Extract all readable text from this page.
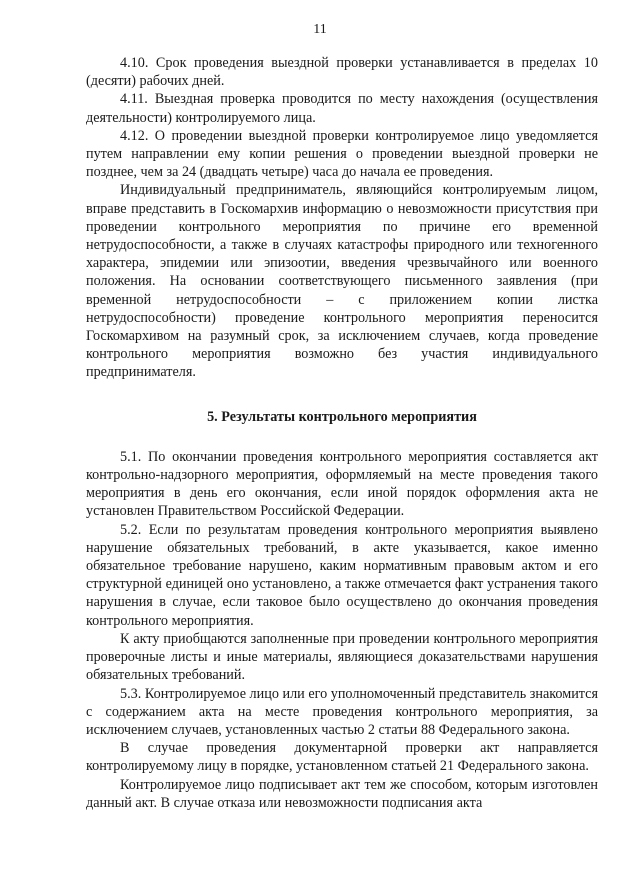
11

4.10. Срок проведения выездной проверки устанавливается в пределах 10 (десяти) рабочих дней.

4.11. Выездная проверка проводится по месту нахождения (осуществления деятельности) контролируемого лица.

4.12. О проведении выездной проверки контролируемое лицо уведомляется путем направлении ему копии решения о проведении выездной проверки не позднее, чем за 24 (двадцать четыре) часа до начала ее проведения.

Индивидуальный предприниматель, являющийся контролируемым лицом, вправе представить в Госкомархив информацию о невозможности присутствия при проведении контрольного мероприятия по причине его временной нетрудоспособности, а также в случаях катастрофы природного или техногенного характера, эпидемии или эпизоотии, введения чрезвычайного или военного положения. На основании соответствующего письменного заявления (при временной нетрудоспособности – с приложением копии листка нетрудоспособности) проведение контрольного мероприятия переносится Госкомархивом на разумный срок, за исключением случаев, когда проведение контрольного мероприятия возможно без участия индивидуального предпринимателя.

5. Результаты контрольного мероприятия

5.1. По окончании проведения контрольного мероприятия составляется акт контрольно-надзорного мероприятия, оформляемый на месте проведения такого мероприятия в день его окончания, если иной порядок оформления акта не установлен Правительством Российской Федерации.

5.2. Если по результатам проведения контрольного мероприятия выявлено нарушение обязательных требований, в акте указывается, какое именно обязательное требование нарушено, каким нормативным правовым актом и его структурной единицей оно установлено, а также отмечается факт устранения такого нарушения в случае, если таковое было осуществлено до окончания проведения контрольного мероприятия.

К акту приобщаются заполненные при проведении контрольного мероприятия проверочные листы и иные материалы, являющиеся доказательствами нарушения обязательных требований.

5.3. Контролируемое лицо или его уполномоченный представитель знакомится с содержанием акта на месте проведения контрольного мероприятия, за исключением случаев, установленных частью 2 статьи 88 Федерального закона.

В случае проведения документарной проверки акт направляется контролируемому лицу в порядке, установленном статьей 21 Федерального закона.

Контролируемое лицо подписывает акт тем же способом, которым изготовлен данный акт. В случае отказа или невозможности подписания акта
